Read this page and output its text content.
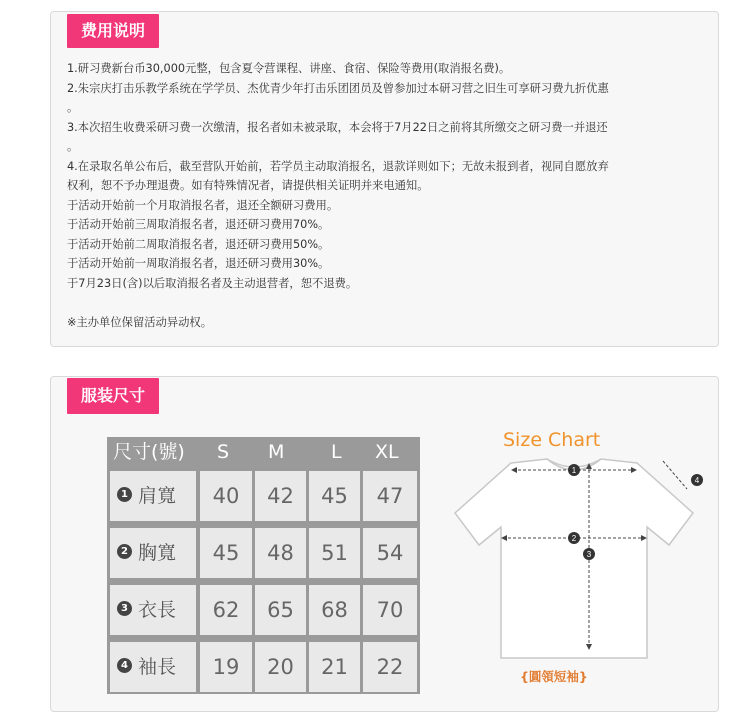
费用说明
1.研习费新台币30,000元整，包含夏令营课程、讲座、食宿、保险等费用(取消报名费)。
2.朱宗庆打击乐教学系统在学学员、杰优青少年打击乐团团员及曾参加过本研习营之旧生可享研习费九折优惠
。
3.本次招生收费采研习费一次缴清，报名者如未被录取，本会将于7月22日之前将其所缴交之研习费一并退还
。
4.在录取名单公布后，截至营队开始前，若学员主动取消报名，退款详则如下；无故未报到者，视同自愿放弃
权利，恕不予办理退费。如有特殊情况者，请提供相关证明并来电通知。
于活动开始前一个月取消报名者，退还全额研习费用。
于活动开始前三周取消报名者，退还研习费用70%。
于活动开始前二周取消报名者，退还研习费用50%。
于活动开始前一周取消报名者，退还研习费用30%。
于7月23日(含)以后取消报名者及主动退营者，恕不退费。
※主办单位保留活动异动权。
服装尺寸
尺寸(號) S M L XL
1 肩寬	40	42	45	47
2 胸寬	45	48	51	54
3 衣長	62	65	68	70
4 袖長	19	20	21	22
Size Chart
1
2
3
4
{圓領短袖}
